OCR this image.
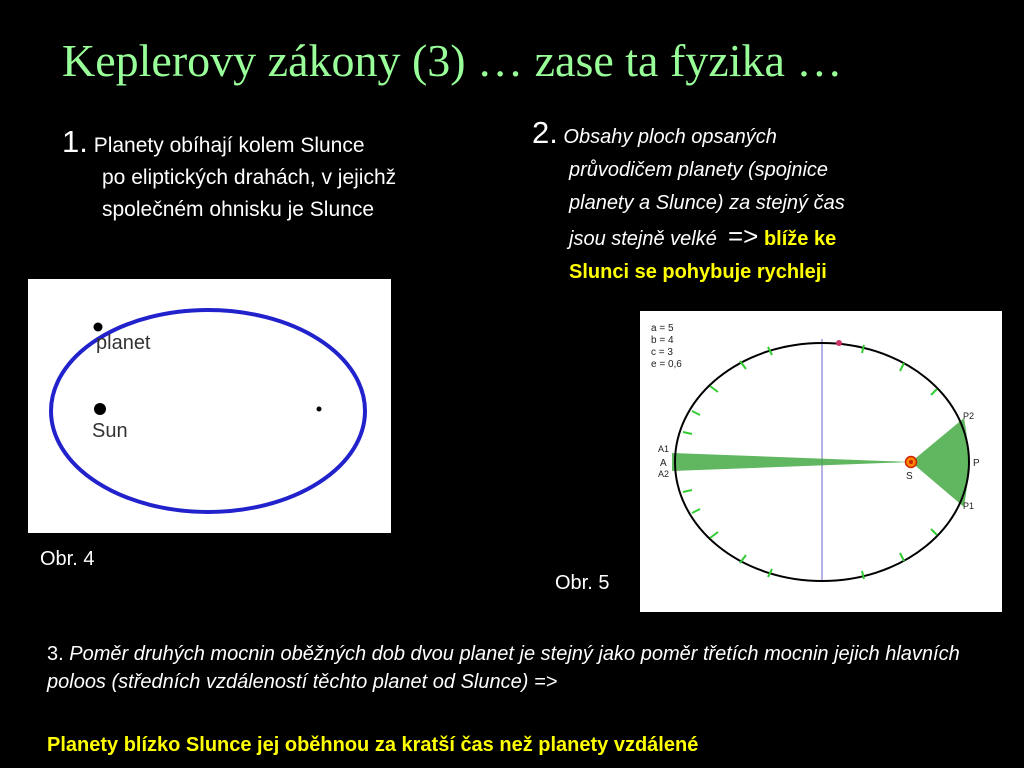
Keplerovy zákony (3) … zase ta fyzika …
1. Planety obíhají kolem Slunce
po eliptických drahách, v jejichž
společném ohnisku je Slunce
2. Obsahy ploch opsaných
průvodičem planety (spojnice
planety a Slunce) za stejný čas
jsou stejně velké => blíže ke
Slunci se pohybuje rychleji
planet
Sun
Obr. 4
a = 5
b = 4
c = 3
e = 0,6
A1
A
A2	S
P
P2
P1
Obr. 5
3. Poměr druhých mocnin oběžných dob dvou planet je stejný jako poměr třetích mocnin jejich hlavních poloos (středních vzdáleností těchto planet od Slunce) =>
Planety blízko Slunce jej oběhnou za kratší čas než planety vzdálené
